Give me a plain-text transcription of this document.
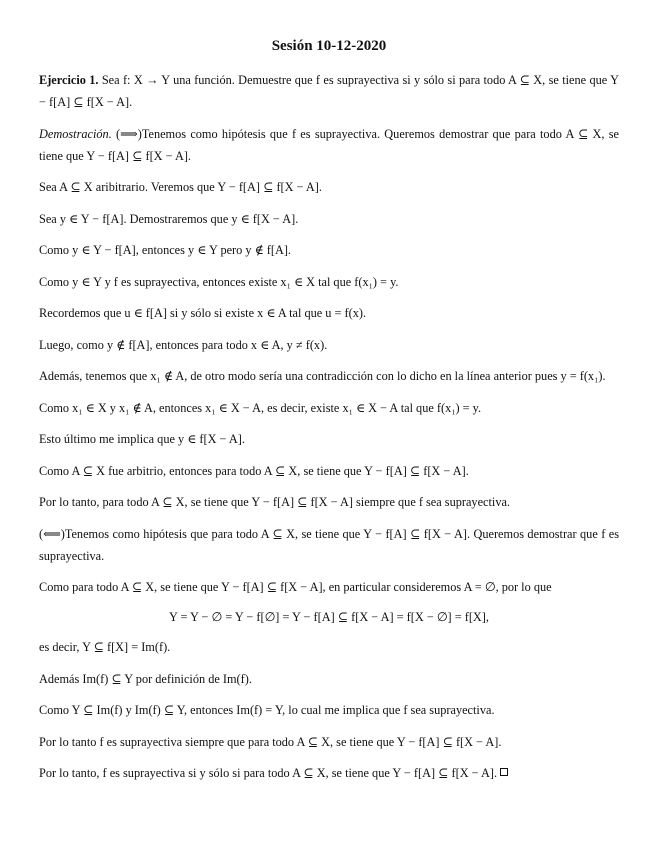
Sesión 10-12-2020
Ejercicio 1. Sea f: X → Y una función. Demuestre que f es suprayectiva si y sólo si para todo A ⊆ X, se tiene que Y − f[A] ⊆ f[X − A].
Demostración. (⟹)Tenemos como hipótesis que f es suprayectiva. Queremos demostrar que para todo A ⊆ X, se tiene que Y − f[A] ⊆ f[X − A].
Sea A ⊆ X aribitrario. Veremos que Y − f[A] ⊆ f[X − A].
Sea y ∈ Y − f[A]. Demostraremos que y ∈ f[X − A].
Como y ∈ Y − f[A], entonces y ∈ Y pero y ∉ f[A].
Como y ∈ Y y f es suprayectiva, entonces existe x₁ ∈ X tal que f(x₁) = y.
Recordemos que u ∈ f[A] si y sólo si existe x ∈ A tal que u = f(x).
Luego, como y ∉ f[A], entonces para todo x ∈ A, y ≠ f(x).
Además, tenemos que x₁ ∉ A, de otro modo sería una contradicción con lo dicho en la línea anterior pues y = f(x₁).
Como x₁ ∈ X y x₁ ∉ A, entonces x₁ ∈ X − A, es decir, existe x₁ ∈ X − A tal que f(x₁) = y.
Esto último me implica que y ∈ f[X − A].
Como A ⊆ X fue arbitrio, entonces para todo A ⊆ X, se tiene que Y − f[A] ⊆ f[X − A].
Por lo tanto, para todo A ⊆ X, se tiene que Y − f[A] ⊆ f[X − A] siempre que f sea suprayectiva.
(⟸)Tenemos como hipótesis que para todo A ⊆ X, se tiene que Y − f[A] ⊆ f[X − A]. Queremos demostrar que f es suprayectiva.
Como para todo A ⊆ X, se tiene que Y − f[A] ⊆ f[X − A], en particular consideremos A = ∅, por lo que
Y = Y − ∅ = Y − f[∅] = Y − f[A] ⊆ f[X − A] = f[X − ∅] = f[X],
es decir, Y ⊆ f[X] = Im(f).
Además Im(f) ⊆ Y por definición de Im(f).
Como Y ⊆ Im(f) y Im(f) ⊆ Y, entonces Im(f) = Y, lo cual me implica que f sea suprayectiva.
Por lo tanto f es suprayectiva siempre que para todo A ⊆ X, se tiene que Y − f[A] ⊆ f[X − A].
Por lo tanto, f es suprayectiva si y sólo si para todo A ⊆ X, se tiene que Y − f[A] ⊆ f[X − A].
